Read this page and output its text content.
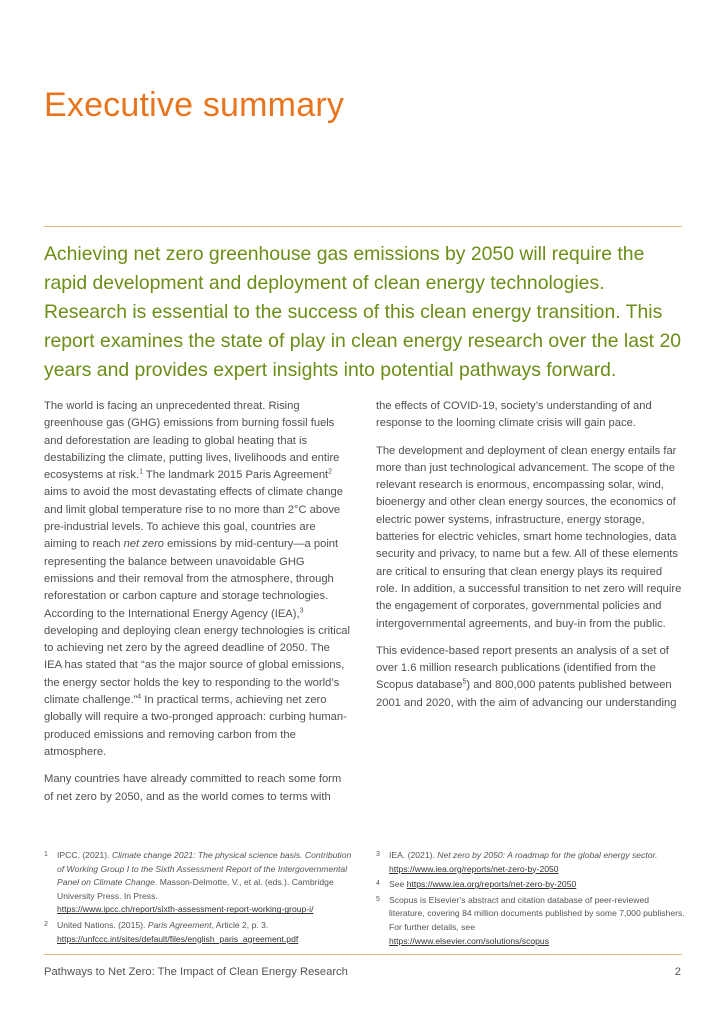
Executive summary

Achieving net zero greenhouse gas emissions by 2050 will require the rapid development and deployment of clean energy technologies. Research is essential to the success of this clean energy transition. This report examines the state of play in clean energy research over the last 20 years and provides expert insights into potential pathways forward.

The world is facing an unprecedented threat. Rising greenhouse gas (GHG) emissions from burning fossil fuels and deforestation are leading to global heating that is destabilizing the climate, putting lives, livelihoods and entire ecosystems at risk.$^1$ The landmark 2015 Paris Agreement$^2$ aims to avoid the most devastating effects of climate change and limit global temperature rise to no more than 2°C above pre-industrial levels. To achieve this goal, countries are aiming to reach net zero emissions by mid-century—a point representing the balance between unavoidable GHG emissions and their removal from the atmosphere, through reforestation or carbon capture and storage technologies. According to the International Energy Agency (IEA),$^3$ developing and deploying clean energy technologies is critical to achieving net zero by the agreed deadline of 2050. The IEA has stated that “as the major source of global emissions, the energy sector holds the key to responding to the world’s climate challenge.”$^4$ In practical terms, achieving net zero globally will require a two-pronged approach: curbing human-produced emissions and removing carbon from the atmosphere.

Many countries have already committed to reach some form of net zero by 2050, and as the world comes to terms with

the effects of COVID-19, society’s understanding of and response to the looming climate crisis will gain pace.

The development and deployment of clean energy entails far more than just technological advancement. The scope of the relevant research is enormous, encompassing solar, wind, bioenergy and other clean energy sources, the economics of electric power systems, infrastructure, energy storage, batteries for electric vehicles, smart home technologies, data security and privacy, to name but a few. All of these elements are critical to ensuring that clean energy plays its required role. In addition, a successful transition to net zero will require the engagement of corporates, governmental policies and intergovernmental agreements, and buy-in from the public.

This evidence-based report presents an analysis of a set of over 1.6 million research publications (identified from the Scopus database$^5$) and 800,000 patents published between 2001 and 2020, with the aim of advancing our understanding

1 IPCC. (2021). Climate change 2021: The physical science basis. Contribution of Working Group I to the Sixth Assessment Report of the Intergovernmental Panel on Climate Change. Masson-Delmotte, V., et al. (eds.). Cambridge University Press. In Press.
https://www.ipcc.ch/report/sixth-assessment-report-working-group-i/
2 United Nations. (2015). Paris Agreement, Article 2, p. 3.
https://unfccc.int/sites/default/files/english_paris_agreement.pdf
3 IEA. (2021). Net zero by 2050: A roadmap for the global energy sector.
https://www.iea.org/reports/net-zero-by-2050
4 See https://www.iea.org/reports/net-zero-by-2050
5 Scopus is Elsevier’s abstract and citation database of peer-reviewed literature, covering 84 million documents published by some 7,000 publishers. For further details, see
https://www.elsevier.com/solutions/scopus
Pathways to Net Zero: The Impact of Clean Energy Research	2
